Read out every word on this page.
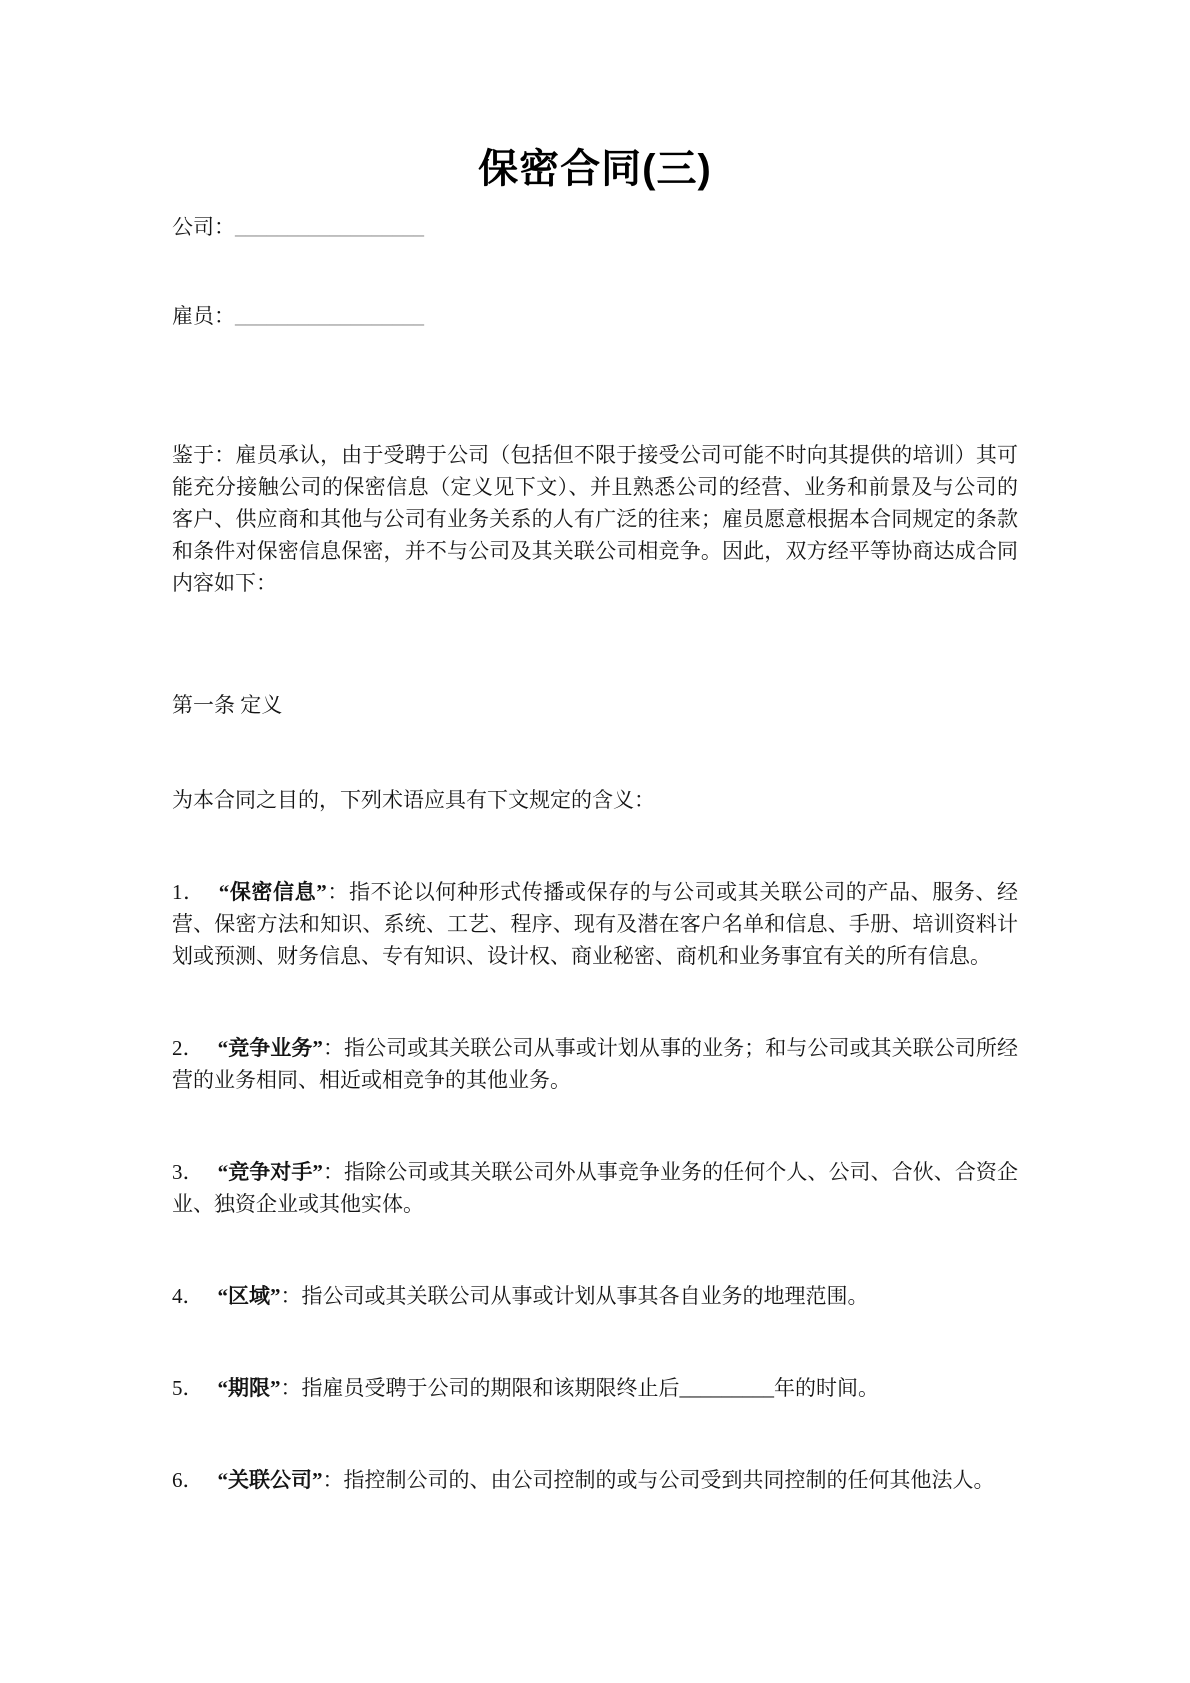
保密合同(三)

公司：__________________

雇员：__________________

鉴于：雇员承认，由于受聘于公司（包括但不限于接受公司可能不时向其提供的培训）其可能充分接触公司的保密信息（定义见下文）、并且熟悉公司的经营、业务和前景及与公司的客户、供应商和其他与公司有业务关系的人有广泛的往来；雇员愿意根据本合同规定的条款和条件对保密信息保密，并不与公司及其关联公司相竞争。因此，双方经平等协商达成合同内容如下：

第一条 定义

为本合同之目的，下列术语应具有下文规定的含义：

1． “保密信息”：指不论以何种形式传播或保存的与公司或其关联公司的产品、服务、经营、保密方法和知识、系统、工艺、程序、现有及潜在客户名单和信息、手册、培训资料计划或预测、财务信息、专有知识、设计权、商业秘密、商机和业务事宜有关的所有信息。

2． “竞争业务”：指公司或其关联公司从事或计划从事的业务；和与公司或其关联公司所经营的业务相同、相近或相竞争的其他业务。

3． “竞争对手”：指除公司或其关联公司外从事竞争业务的任何个人、公司、合伙、合资企业、独资企业或其他实体。

4． “区域”：指公司或其关联公司从事或计划从事其各自业务的地理范围。

5． “期限”：指雇员受聘于公司的期限和该期限终止后_________年的时间。

6． “关联公司”：指控制公司的、由公司控制的或与公司受到共同控制的任何其他法人。
